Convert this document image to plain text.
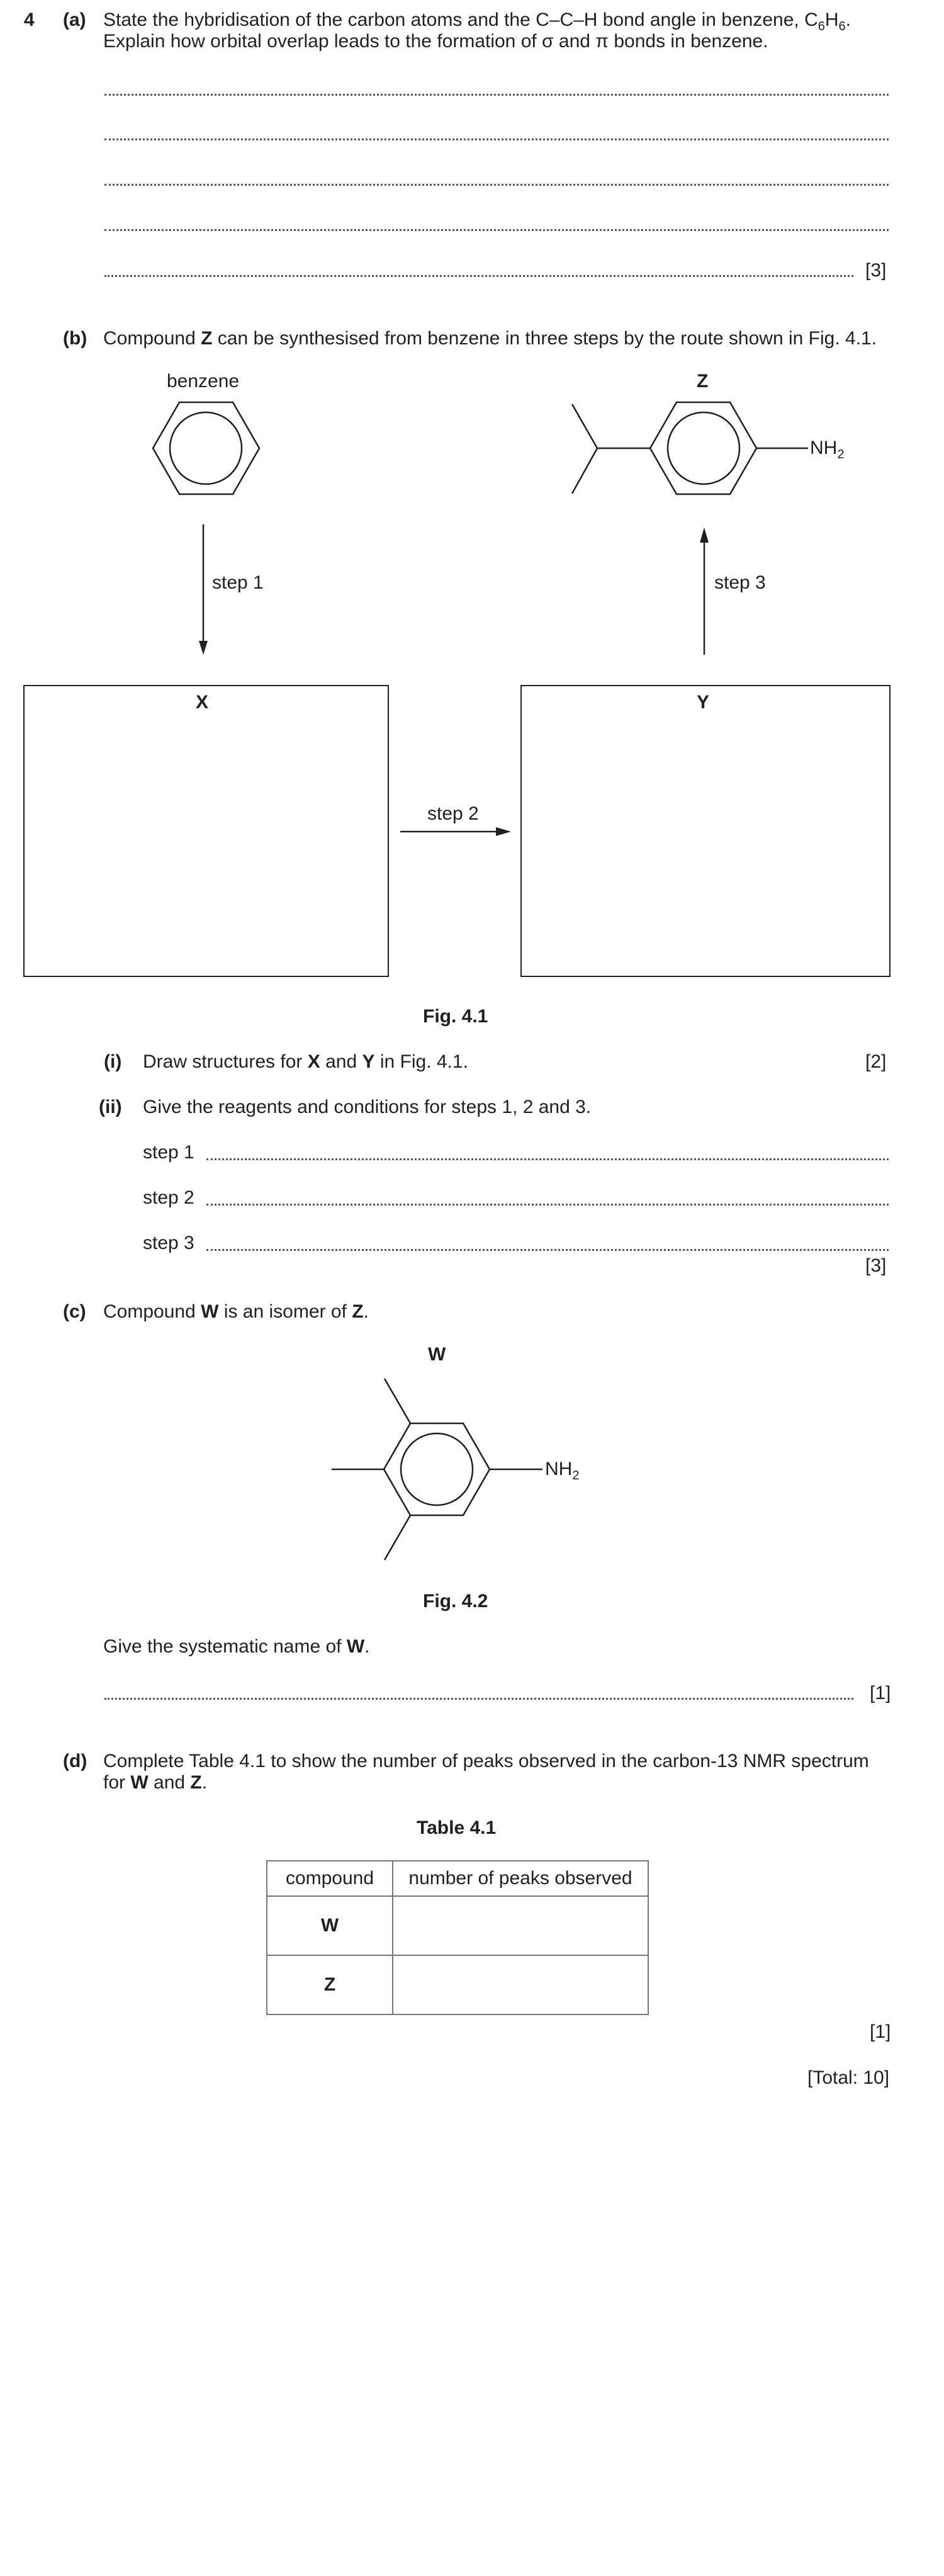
4 (a) State the hybridisation of the carbon atoms and the C–C–H bond angle in benzene, $C_6H_6$.
Explain how orbital overlap leads to the formation of σ and π bonds in benzene.
[3]
(b) Compound Z can be synthesised from benzene in three steps by the route shown in Fig. 4.1.
benzene	Z
$NH_2$
step 1	step 3
X
step 2
Y
Fig. 4.1
(i) Draw structures for X and Y in Fig. 4.1.	[2]
(ii) Give the reagents and conditions for steps 1, 2 and 3.
step 1
step 2
step 3
[3]
(c) Compound W is an isomer of Z.
W
$NH_2$
Fig. 4.2
Give the systematic name of W.
[1]
(d) Complete Table 4.1 to show the number of peaks observed in the carbon-13 NMR spectrum
for W and Z.
Table 4.1
compound	number of peaks observed
W	
Z	
[1]
[Total: 10]
